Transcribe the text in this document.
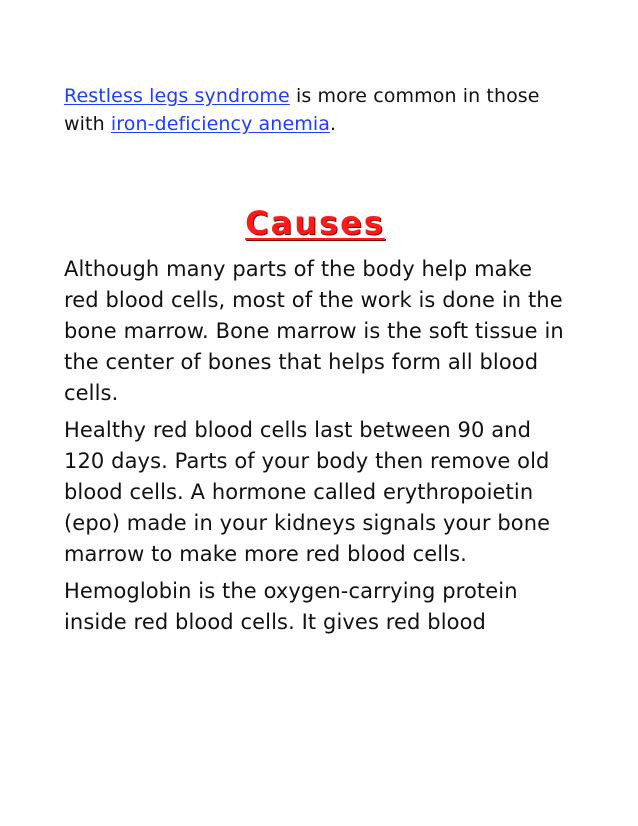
Restless legs syndrome is more common in those with iron-deficiency anemia.

Causes

Although many parts of the body help make red blood cells, most of the work is done in the bone marrow. Bone marrow is the soft tissue in the center of bones that helps form all blood cells.

Healthy red blood cells last between 90 and 120 days. Parts of your body then remove old blood cells. A hormone called erythropoietin (epo) made in your kidneys signals your bone marrow to make more red blood cells.

Hemoglobin is the oxygen-carrying protein inside red blood cells. It gives red blood
